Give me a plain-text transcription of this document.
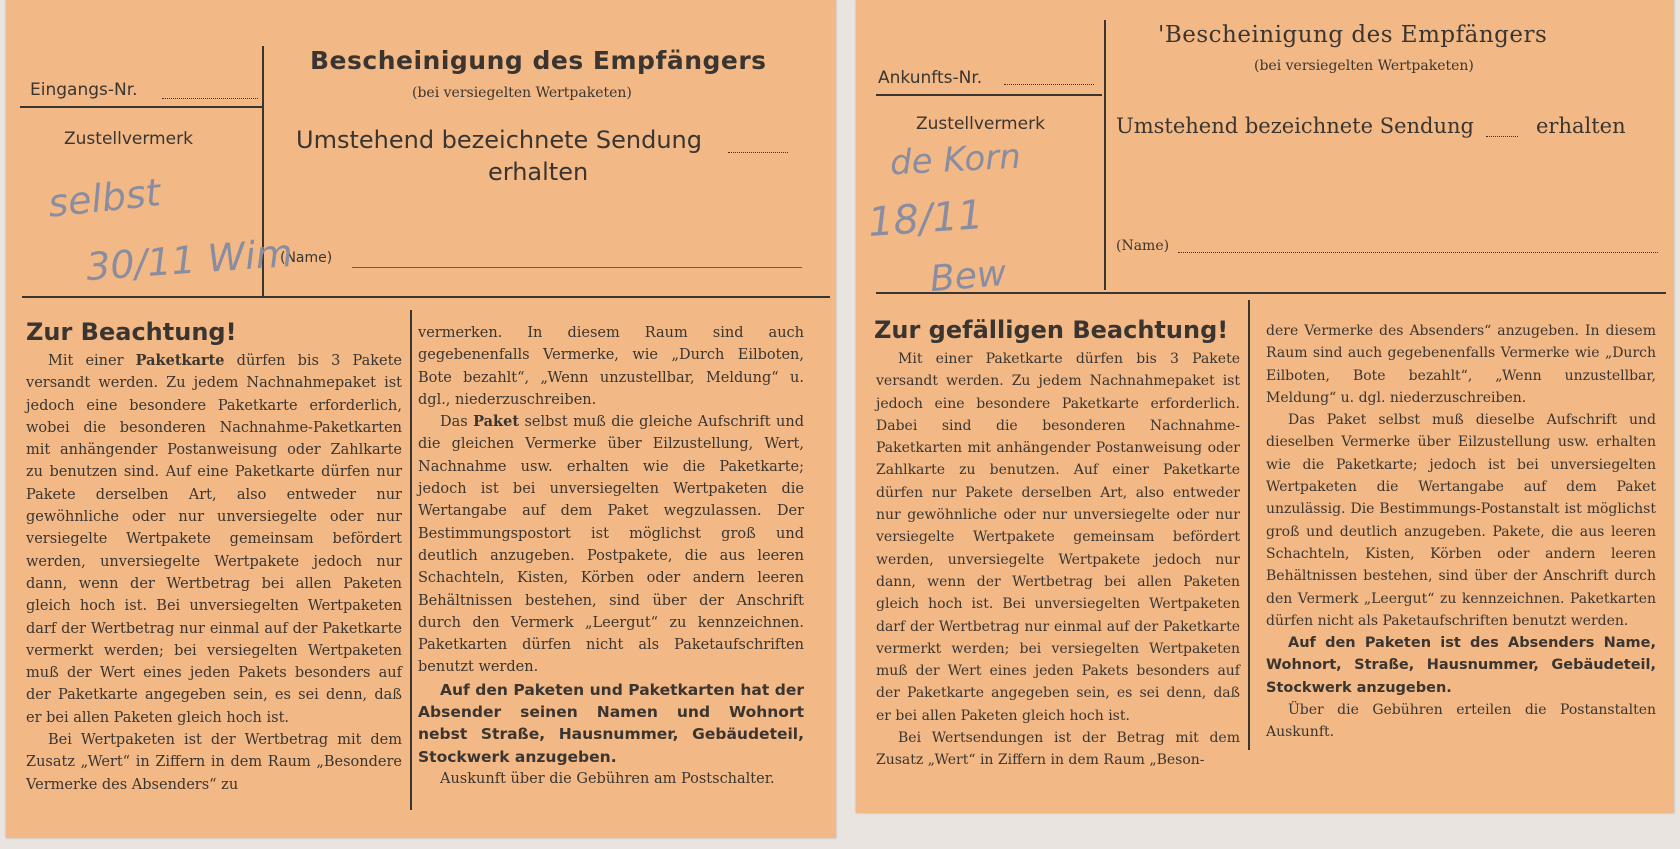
Eingangs-Nr.
Zustellvermerk
Bescheinigung des Empfängers
(bei versiegelten Wertpaketen)
Umstehend bezeichnete Sendung
erhalten
(Name)
selbst
30/11 Wim
Zur Beachtung!

Mit einer Paketkarte dürfen bis 3 Pakete versandt werden. Zu jedem Nachnahmepaket ist jedoch eine besondere Paketkarte erforderlich, wobei die besonderen Nachnahme-Paketkarten mit anhängender Postanweisung oder Zahlkarte zu benutzen sind. Auf eine Paketkarte dürfen nur Pakete derselben Art, also entweder nur gewöhnliche oder nur unversiegelte oder nur versiegelte Wertpakete gemeinsam befördert werden, unversiegelte Wertpakete jedoch nur dann, wenn der Wertbetrag bei allen Paketen gleich hoch ist. Bei unversiegelten Wertpaketen darf der Wertbetrag nur einmal auf der Paketkarte vermerkt werden; bei versiegelten Wertpaketen muß der Wert eines jeden Pakets besonders auf der Paketkarte angegeben sein, es sei denn, daß er bei allen Paketen gleich hoch ist.

Bei Wertpaketen ist der Wertbetrag mit dem Zusatz „Wert“ in Ziffern in dem Raum „Besondere Vermerke des Absenders“ zu

vermerken. In diesem Raum sind auch gegebenenfalls Vermerke, wie „Durch Eilboten, Bote bezahlt“, „Wenn unzustellbar, Meldung“ u. dgl., niederzuschreiben.

Das Paket selbst muß die gleiche Aufschrift und die gleichen Vermerke über Eilzustellung, Wert, Nachnahme usw. erhalten wie die Paketkarte; jedoch ist bei unversiegelten Wertpaketen die Wertangabe auf dem Paket wegzulassen. Der Bestimmungspostort ist möglichst groß und deutlich anzugeben. Postpakete, die aus leeren Schachteln, Kisten, Körben oder andern leeren Behältnissen bestehen, sind über der Anschrift durch den Vermerk „Leergut“ zu kennzeichnen. Paketkarten dürfen nicht als Paketaufschriften benutzt werden.

Auf den Paketen und Paketkarten hat der Absender seinen Namen und Wohnort nebst Straße, Hausnummer, Gebäudeteil, Stockwerk anzugeben.

Auskunft über die Gebühren am Postschalter.

Ankunfts-Nr.
Zustellvermerk
'Bescheinigung des Empfängers
(bei versiegelten Wertpaketen)
Umstehend bezeichnete Sendung	erhalten
(Name)
de Korn
18/11
Bew
Zur gefälligen Beachtung!

Mit einer Paketkarte dürfen bis 3 Pakete versandt werden. Zu jedem Nachnahmepaket ist jedoch eine besondere Paketkarte erforderlich. Dabei sind die besonderen Nachnahme-Paketkarten mit anhängender Postanweisung oder Zahlkarte zu benutzen. Auf einer Paketkarte dürfen nur Pakete derselben Art, also entweder nur gewöhnliche oder nur unversiegelte oder nur versiegelte Wertpakete gemeinsam befördert werden, unversiegelte Wertpakete jedoch nur dann, wenn der Wertbetrag bei allen Paketen gleich hoch ist. Bei unversiegelten Wertpaketen darf der Wertbetrag nur einmal auf der Paketkarte vermerkt werden; bei versiegelten Wertpaketen muß der Wert eines jeden Pakets besonders auf der Paketkarte angegeben sein, es sei denn, daß er bei allen Paketen gleich hoch ist.

Bei Wertsendungen ist der Betrag mit dem Zusatz „Wert“ in Ziffern in dem Raum „Beson-

dere Vermerke des Absenders“ anzugeben. In diesem Raum sind auch gegebenenfalls Vermerke wie „Durch Eilboten, Bote bezahlt“, „Wenn unzustellbar, Meldung“ u. dgl. niederzuschreiben.

Das Paket selbst muß dieselbe Aufschrift und dieselben Vermerke über Eilzustellung usw. erhalten wie die Paketkarte; jedoch ist bei unversiegelten Wertpaketen die Wertangabe auf dem Paket unzulässig. Die Bestimmungs-Postanstalt ist möglichst groß und deutlich anzugeben. Pakete, die aus leeren Schachteln, Kisten, Körben oder andern leeren Behältnissen bestehen, sind über der Anschrift durch den Vermerk „Leergut“ zu kennzeichnen. Paketkarten dürfen nicht als Paketaufschriften benutzt werden.

Auf den Paketen ist des Absenders Name, Wohnort, Straße, Hausnummer, Gebäudeteil, Stockwerk anzugeben.

Über die Gebühren erteilen die Postanstalten Auskunft.
